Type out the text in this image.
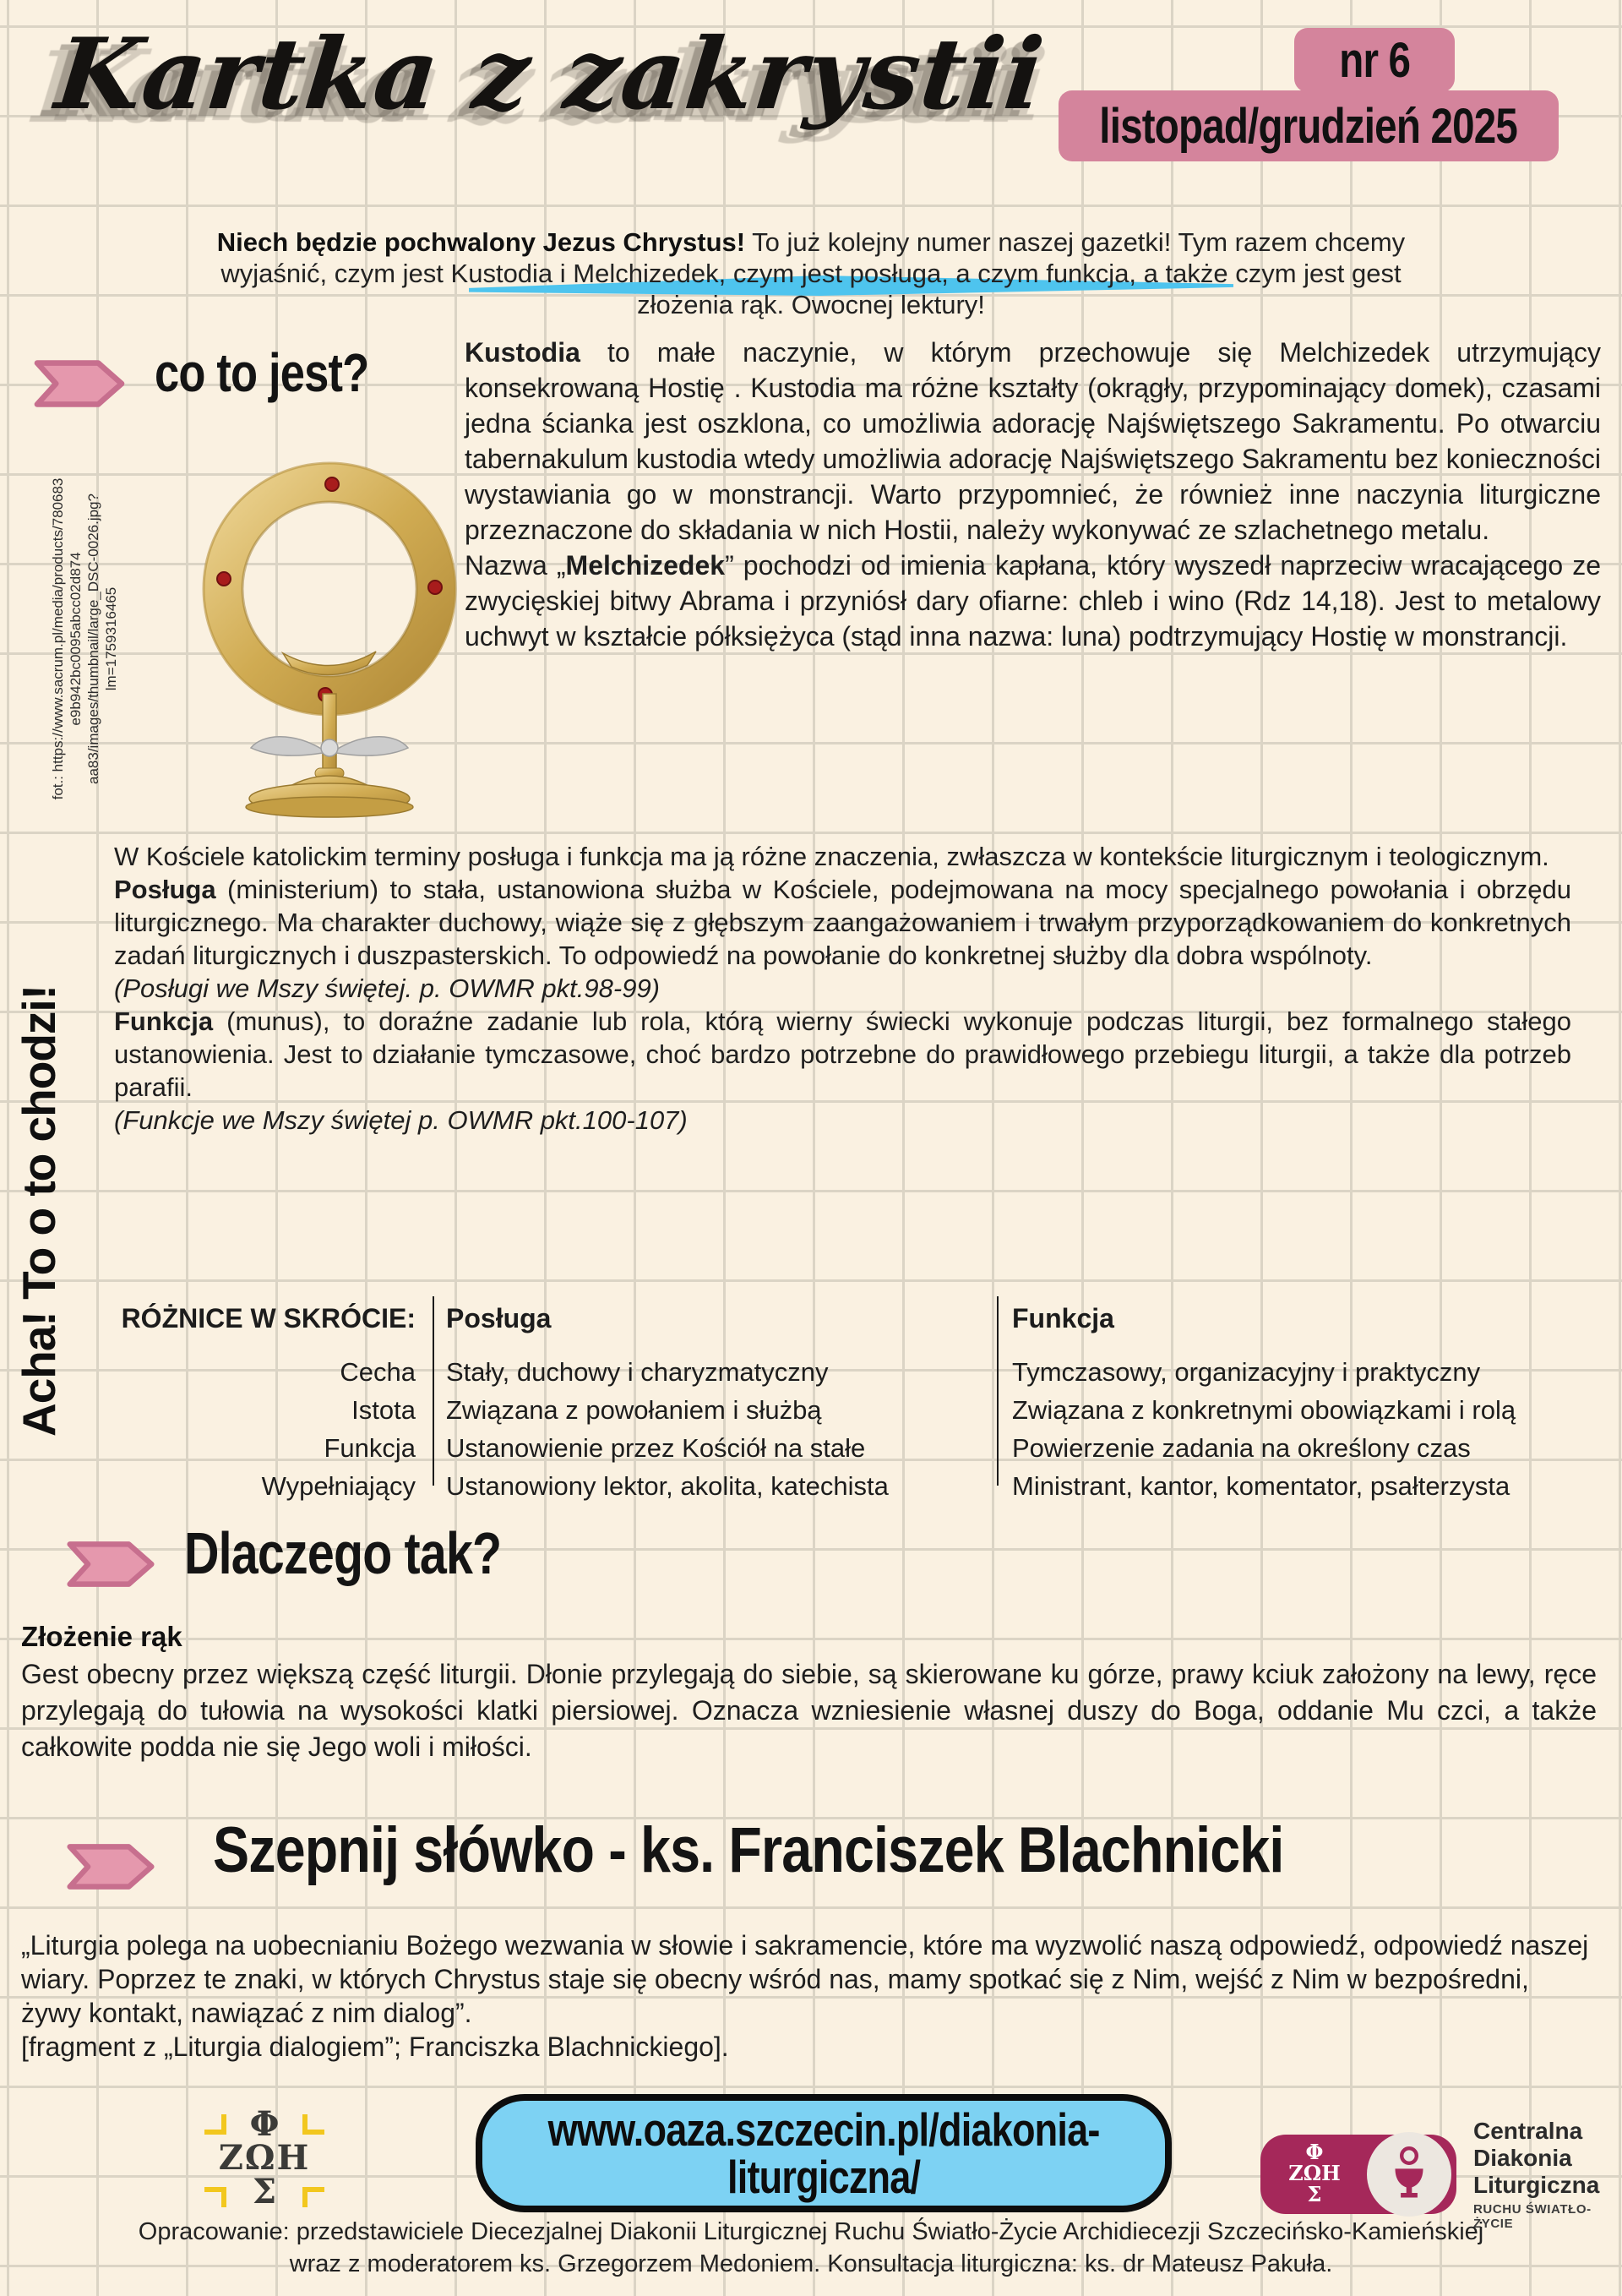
Kartka z zakrystii	nr 6
listopad/grudzień 2025
Niech będzie pochwalony Jezus Chrystus! To już kolejny numer naszej gazetki! Tym razem chcemy
wyjaśnić, czym jest Kustodia i Melchizedek, czym jest posługa, a czym funkcja, a także czym jest gest
złożenia rąk. Owocnej lektury!
co to jest?
fot.: https://www.sacrum.pl/media/products/780683 e9b942bc0095abcc02d874 aa83/images/thumbnail/large_DSC-0026.jpg? lm=1759316465

Kustodia to małe naczynie, w którym przechowuje się Melchizedek utrzymujący konsekrowaną Hostię . Kustodia ma różne kształty (okrągły, przypominający domek), czasami jedna ścianka jest oszklona, co umożliwia adorację Najświętszego Sakramentu. Po otwarciu tabernakulum kustodia wtedy umożliwia adorację Najświętszego Sakramentu bez konieczności wystawiania go w monstrancji. Warto przypomnieć, że również inne naczynia liturgiczne przeznaczone do składania w nich Hostii, należy wykonywać ze szlachetnego metalu.

Nazwa „Melchizedek” pochodzi od imienia kapłana, który wyszedł naprzeciw wracającego ze zwycięskiej bitwy Abrama i przyniósł dary ofiarne: chleb i wino (Rdz 14,18). Jest to metalowy uchwyt w kształcie półksiężyca (stąd inna nazwa: luna) podtrzymujący Hostię w monstrancji.

Acha! To o to chodzi!

W Kościele katolickim terminy posługa i funkcja ma ją różne znaczenia, zwłaszcza w kontekście liturgicznym i teologicznym.

Posługa (ministerium) to stała, ustanowiona służba w Kościele, podejmowana na mocy specjalnego powołania i obrzędu liturgicznego. Ma charakter duchowy, wiąże się z głębszym zaangażowaniem i trwałym przyporządkowaniem do konkretnych zadań liturgicznych i duszpasterskich. To odpowiedź na powołanie do konkretnej służby dla dobra wspólnoty.

(Posługi we Mszy świętej. p. OWMR pkt.98-99)

Funkcja (munus), to doraźne zadanie lub rola, którą wierny świecki wykonuje podczas liturgii, bez formalnego stałego ustanowienia. Jest to działanie tymczasowe, choć bardzo potrzebne do prawidłowego przebiegu liturgii, a także dla potrzeb parafii.

(Funkcje we Mszy świętej p. OWMR pkt.100-107)

RÓŻNICE W SKRÓCIE:	Posługa	Funkcja
Cecha	Stały, duchowy i charyzmatyczny	Tymczasowy, organizacyjny i praktyczny
Istota	Związana z powołaniem i służbą	Związana z konkretnymi obowiązkami i rolą
Funkcja	Ustanowienie przez Kościół na stałe	Powierzenie zadania na określony czas
Wypełniający	Ustanowiony lektor, akolita, katechista	Ministrant, kantor, komentator, psałterzysta
Dlaczego tak?
Złożenie rąk
Gest obecny przez większą część liturgii. Dłonie przylegają do siebie, są skierowane ku górze, prawy kciuk założony na lewy, ręce przylegają do tułowia na wysokości klatki piersiowej. Oznacza wzniesienie własnej duszy do Boga, oddanie Mu czci, a także całkowite podda nie się Jego woli i miłości.
Szepnij słówko - ks. Franciszek Blachnicki

„Liturgia polega na uobecnianiu Bożego wezwania w słowie i sakramencie, które ma wyzwolić naszą odpowiedź, odpowiedź naszej wiary. Poprzez te znaki, w których Chrystus staje się obecny wśród nas, mamy spotkać się z Nim, wejść z Nim w bezpośredni, żywy kontakt, nawiązać z nim dialog”.

[fragment z „Liturgia dialogiem”; Franciszka Blachnickiego].

Φ
ΖΩΗ
Σ
www.oaza.szczecin.pl/diakonia-
liturgiczna/	Φ
ΖΩΗ
Σ
Centralna
Diakonia Liturgiczna
RUCHU ŚWIATŁO-ŻYCIE
Opracowanie: przedstawiciele Diecezjalnej Diakonii Liturgicznej Ruchu Światło-Życie Archidiecezji Szczecińsko-Kamieńskiej
wraz z moderatorem ks. Grzegorzem Medoniem. Konsultacja liturgiczna: ks. dr Mateusz Pakuła.
